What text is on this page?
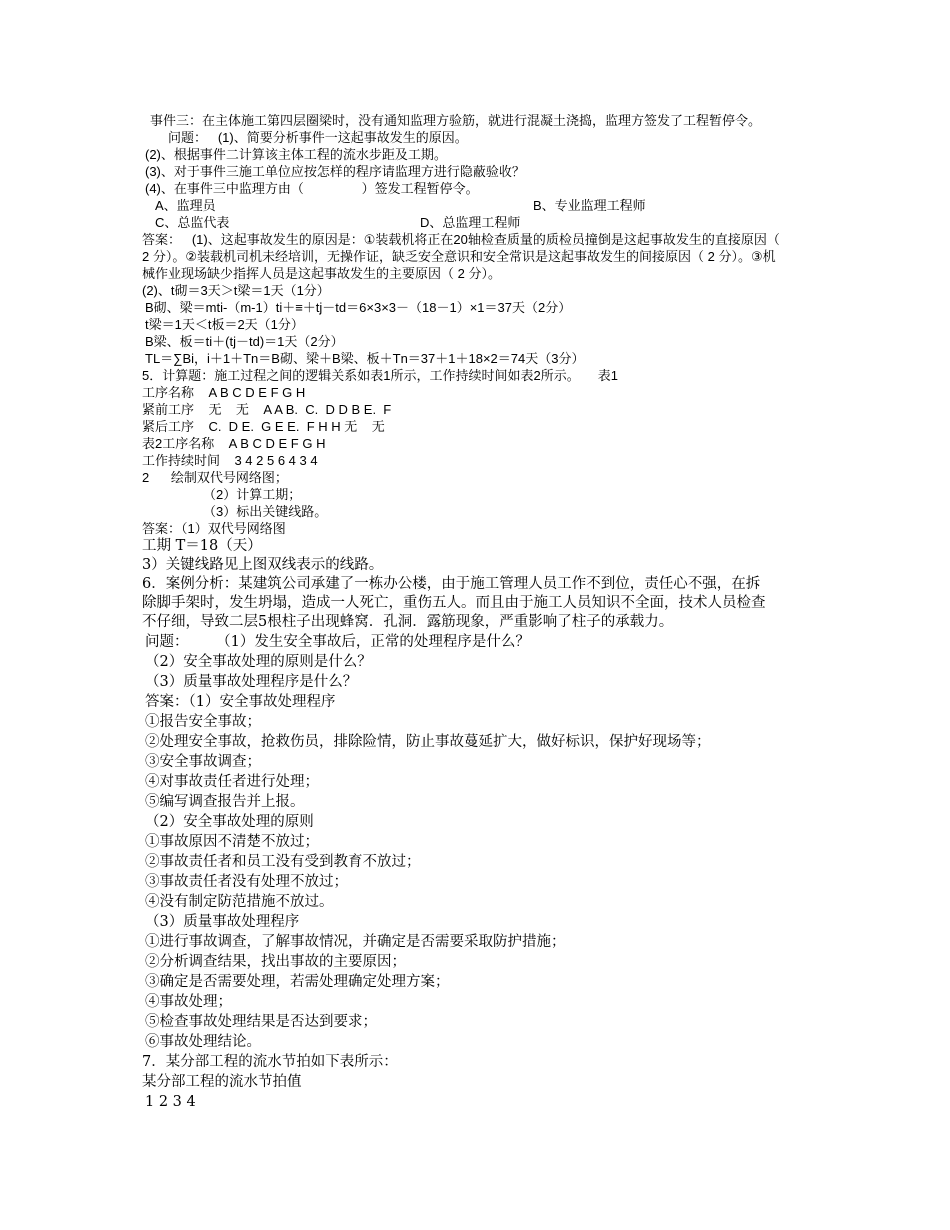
事件三：在主体施工第四层圈梁时，没有通知监理方验筋，就进行混凝土浇捣，监理方签发了工程暂停令。

问题：   (1)、简要分析事件一这起事故发生的原因。

(2)、根据事件二计算该主体工程的流水步距及工期。

(3)、对于事件三施工单位应按怎样的程序请监理方进行隐蔽验收？

(4)、在事件三中监理方由（                ）签发工程暂停令。

A、监理员	B、专业监理工程师

C、总监代表	D、总监理工程师

答案：   (1)、这起事故发生的原因是：①装载机将正在20轴检查质量的质检员撞倒是这起事故发生的直接原因（

2 分）。②装载机司机未经培训，无操作证，缺乏安全意识和安全常识是这起事故发生的间接原因（ 2 分）。③机

械作业现场缺少指挥人员是这起事故发生的主要原因（ 2 分）。

(2)、t砌＝3天＞t梁＝1天（1分）

B砌、梁＝mti-（m-1）ti＋≡＋tj－td＝6×3×3－（18－1）×1＝37天（2分）

t梁＝1天＜t板＝2天（1分）

B梁、板＝ti＋(tj－td)＝1天（2分）

TL＝∑Bi，i＋1＋Tn＝B砌、梁＋B梁、板＋Tn＝37＋1＋18×2＝74天（3分）

5．计算题：施工过程之间的逻辑关系如表1所示，工作持续时间如表2所示。     表1

工序名称    A B C D E F G H

紧前工序    无    无    A A B.  C.  D D B E.  F

紧后工序    C.  D E.  G E E.  F H H 无    无

表2工序名称    A B C D E F G H

工作持续时间    3 4 2 5 6 4 3 4

2      绘制双代号网络图；

（2）计算工期；

（3）标出关键线路。

答案：（1）双代号网络图

工期 T＝18（天）

3）关键线路见上图双线表示的线路。

6．案例分析：某建筑公司承建了一栋办公楼，由于施工管理人员工作不到位，责任心不强，在拆

除脚手架时，发生坍塌，造成一人死亡，重伤五人。而且由于施工人员知识不全面，技术人员检查

不仔细，导致二层5根柱子出现蜂窝．孔洞．露筋现象，严重影响了柱子的承载力。

问题：      （1）发生安全事故后，正常的处理程序是什么？

（2）安全事故处理的原则是什么？

（3）质量事故处理程序是什么？

答案：（1）安全事故处理程序

①报告安全事故；

②处理安全事故，抢救伤员，排除险情，防止事故蔓延扩大，做好标识，保护好现场等；

③安全事故调查；

④对事故责任者进行处理；

⑤编写调查报告并上报。

（2）安全事故处理的原则

①事故原因不清楚不放过；

②事故责任者和员工没有受到教育不放过；

③事故责任者没有处理不放过；

④没有制定防范措施不放过。

（3）质量事故处理程序

①进行事故调查，了解事故情况，并确定是否需要采取防护措施；

②分析调查结果，找出事故的主要原因；

③确定是否需要处理，若需处理确定处理方案；

④事故处理；

⑤检查事故处理结果是否达到要求；

⑥事故处理结论。

7．某分部工程的流水节拍如下表所示：

某分部工程的流水节拍值

1 2 3 4
